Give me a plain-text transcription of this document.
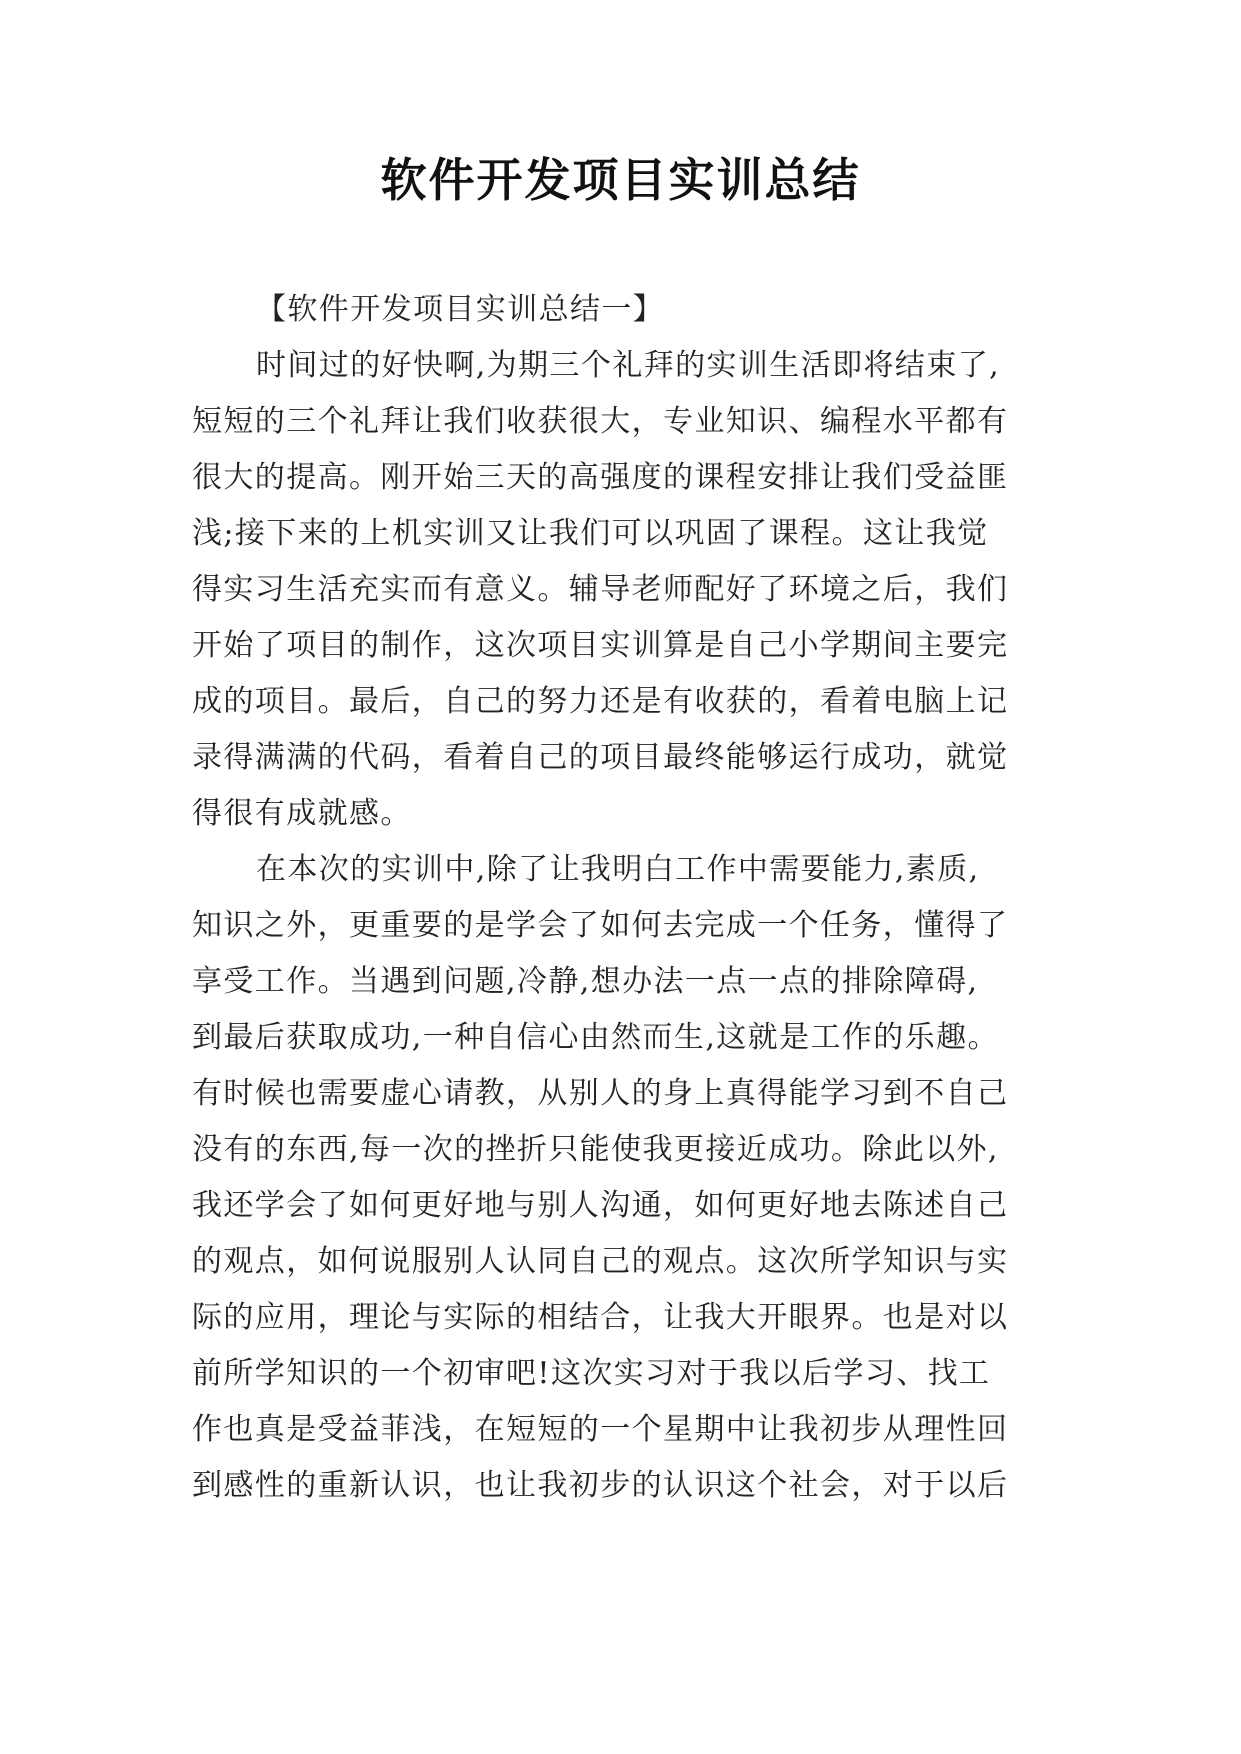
软件开发项目实训总结
【软件开发项目实训总结一】
时间过的好快啊,为期三个礼拜的实训生活即将结束了,
短短的三个礼拜让我们收获很大，专业知识、编程水平都有
很大的提高。刚开始三天的高强度的课程安排让我们受益匪
浅;接下来的上机实训又让我们可以巩固了课程。这让我觉
得实习生活充实而有意义。辅导老师配好了环境之后，我们
开始了项目的制作，这次项目实训算是自己小学期间主要完
成的项目。最后，自己的努力还是有收获的，看着电脑上记
录得满满的代码，看着自己的项目最终能够运行成功，就觉
得很有成就感。
在本次的实训中,除了让我明白工作中需要能力,素质,
知识之外，更重要的是学会了如何去完成一个任务，懂得了
享受工作。当遇到问题,冷静,想办法一点一点的排除障碍,
到最后获取成功,一种自信心由然而生,这就是工作的乐趣。
有时候也需要虚心请教，从别人的身上真得能学习到不自己
没有的东西,每一次的挫折只能使我更接近成功。除此以外,
我还学会了如何更好地与别人沟通，如何更好地去陈述自己
的观点，如何说服别人认同自己的观点。这次所学知识与实
际的应用，理论与实际的相结合，让我大开眼界。也是对以
前所学知识的一个初审吧!这次实习对于我以后学习、找工
作也真是受益菲浅，在短短的一个星期中让我初步从理性回
到感性的重新认识，也让我初步的认识这个社会，对于以后
